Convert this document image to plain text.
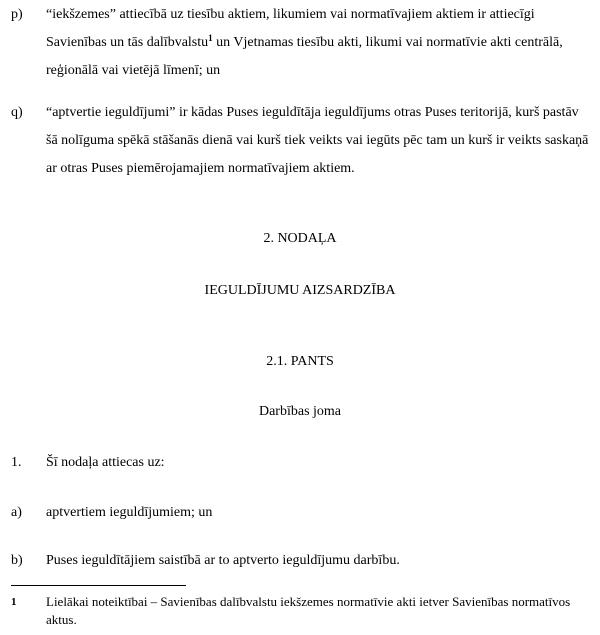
p) “iekšzemes” attiecībā uz tiesību aktiem, likumiem vai normatīvajiem aktiem ir attiecīgi Savienības un tās dalībvalstu$^1$ un Vjetnamas tiesību akti, likumi vai normatīvie akti centrālā, reģionālā vai vietējā līmenī; un
q) “aptvertie ieguldījumi” ir kādas Puses ieguldītāja ieguldījums otras Puses teritorijā, kurš pastāv šā nolīguma spēkā stāšanās dienā vai kurš tiek veikts vai iegūts pēc tam un kurš ir veikts saskaņā ar otras Puses piemērojamajiem normatīvajiem aktiem.
2. NODAĻA
IEGULDĪJUMU AIZSARDZĪBA
2.1. PANTS
Darbības joma
1. Šī nodaļa attiecas uz:
a) aptvertiem ieguldījumiem; un
b) Puses ieguldītājiem saistībā ar to aptverto ieguldījumu darbību.
1 Lielākai noteiktībai – Savienības dalībvalstu iekšzemes normatīvie akti ietver Savienības normatīvos aktus.
